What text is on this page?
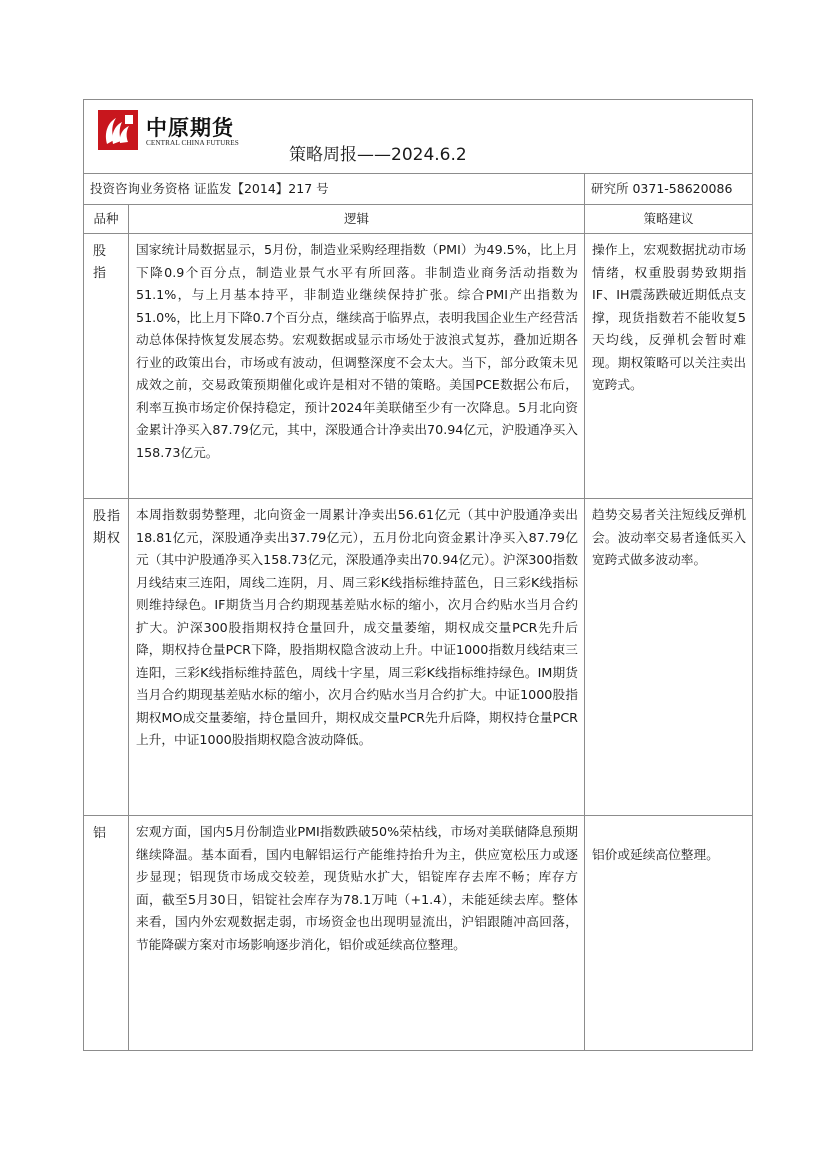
中原期货
CENTRAL CHINA FUTURES
策略周报——2024.6.2		

投资咨询业务资格 证监发【2014】217 号		研究所 0371-58620086
品种	逻辑	策略建议
股 指	国家统计局数据显示，5月份，制造业采购经理指数（PMI）为49.5%，比上月下降0.9个百分点，制造业景气水平有所回落。非制造业商务活动指数为51.1%，与上月基本持平，非制造业继续保持扩张。综合PMI产出指数为51.0%，比上月下降0.7个百分点，继续高于临界点，表明我国企业生产经营活动总体保持恢复发展态势。宏观数据或显示市场处于波浪式复苏，叠加近期各行业的政策出台，市场或有波动，但调整深度不会太大。当下，部分政策未见成效之前，交易政策预期催化或许是相对不错的策略。美国PCE数据公布后，利率互换市场定价保持稳定，预计2024年美联储至少有一次降息。5月北向资金累计净买入87.79亿元，其中，深股通合计净卖出70.94亿元，沪股通净买入158.73亿元。	操作上，宏观数据扰动市场情绪，权重股弱势致期指IF、IH震荡跌破近期低点支撑，现货指数若不能收复5天均线，反弹机会暂时难现。期权策略可以关注卖出宽跨式。
股指期权	本周指数弱势整理，北向资金一周累计净卖出56.61亿元（其中沪股通净卖出18.81亿元，深股通净卖出37.79亿元），五月份北向资金累计净买入87.79亿元（其中沪股通净买入158.73亿元，深股通净卖出70.94亿元）。沪深300指数月线结束三连阳，周线二连阴，月、周三彩K线指标维持蓝色，日三彩K线指标则维持绿色。IF期货当月合约期现基差贴水标的缩小，次月合约贴水当月合约扩大。沪深300股指期权持仓量回升，成交量萎缩，期权成交量PCR先升后降，期权持仓量PCR下降，股指期权隐含波动上升。中证1000指数月线结束三连阳，三彩K线指标维持蓝色，周线十字星，周三彩K线指标维持绿色。IM期货当月合约期现基差贴水标的缩小，次月合约贴水当月合约扩大。中证1000股指期权MO成交量萎缩，持仓量回升，期权成交量PCR先升后降，期权持仓量PCR上升，中证1000股指期权隐含波动降低。	趋势交易者关注短线反弹机会。波动率交易者逢低买入宽跨式做多波动率。
铝	宏观方面，国内5月份制造业PMI指数跌破50%荣枯线，市场对美联储降息预期继续降温。基本面看，国内电解铝运行产能维持抬升为主，供应宽松压力或逐步显现；铝现货市场成交较差，现货贴水扩大，铝锭库存去库不畅；库存方面，截至5月30日，铝锭社会库存为78.1万吨（+1.4），未能延续去库。整体来看，国内外宏观数据走弱，市场资金也出现明显流出，沪铝跟随冲高回落，节能降碳方案对市场影响逐步消化，铝价或延续高位整理。	铝价或延续高位整理。
